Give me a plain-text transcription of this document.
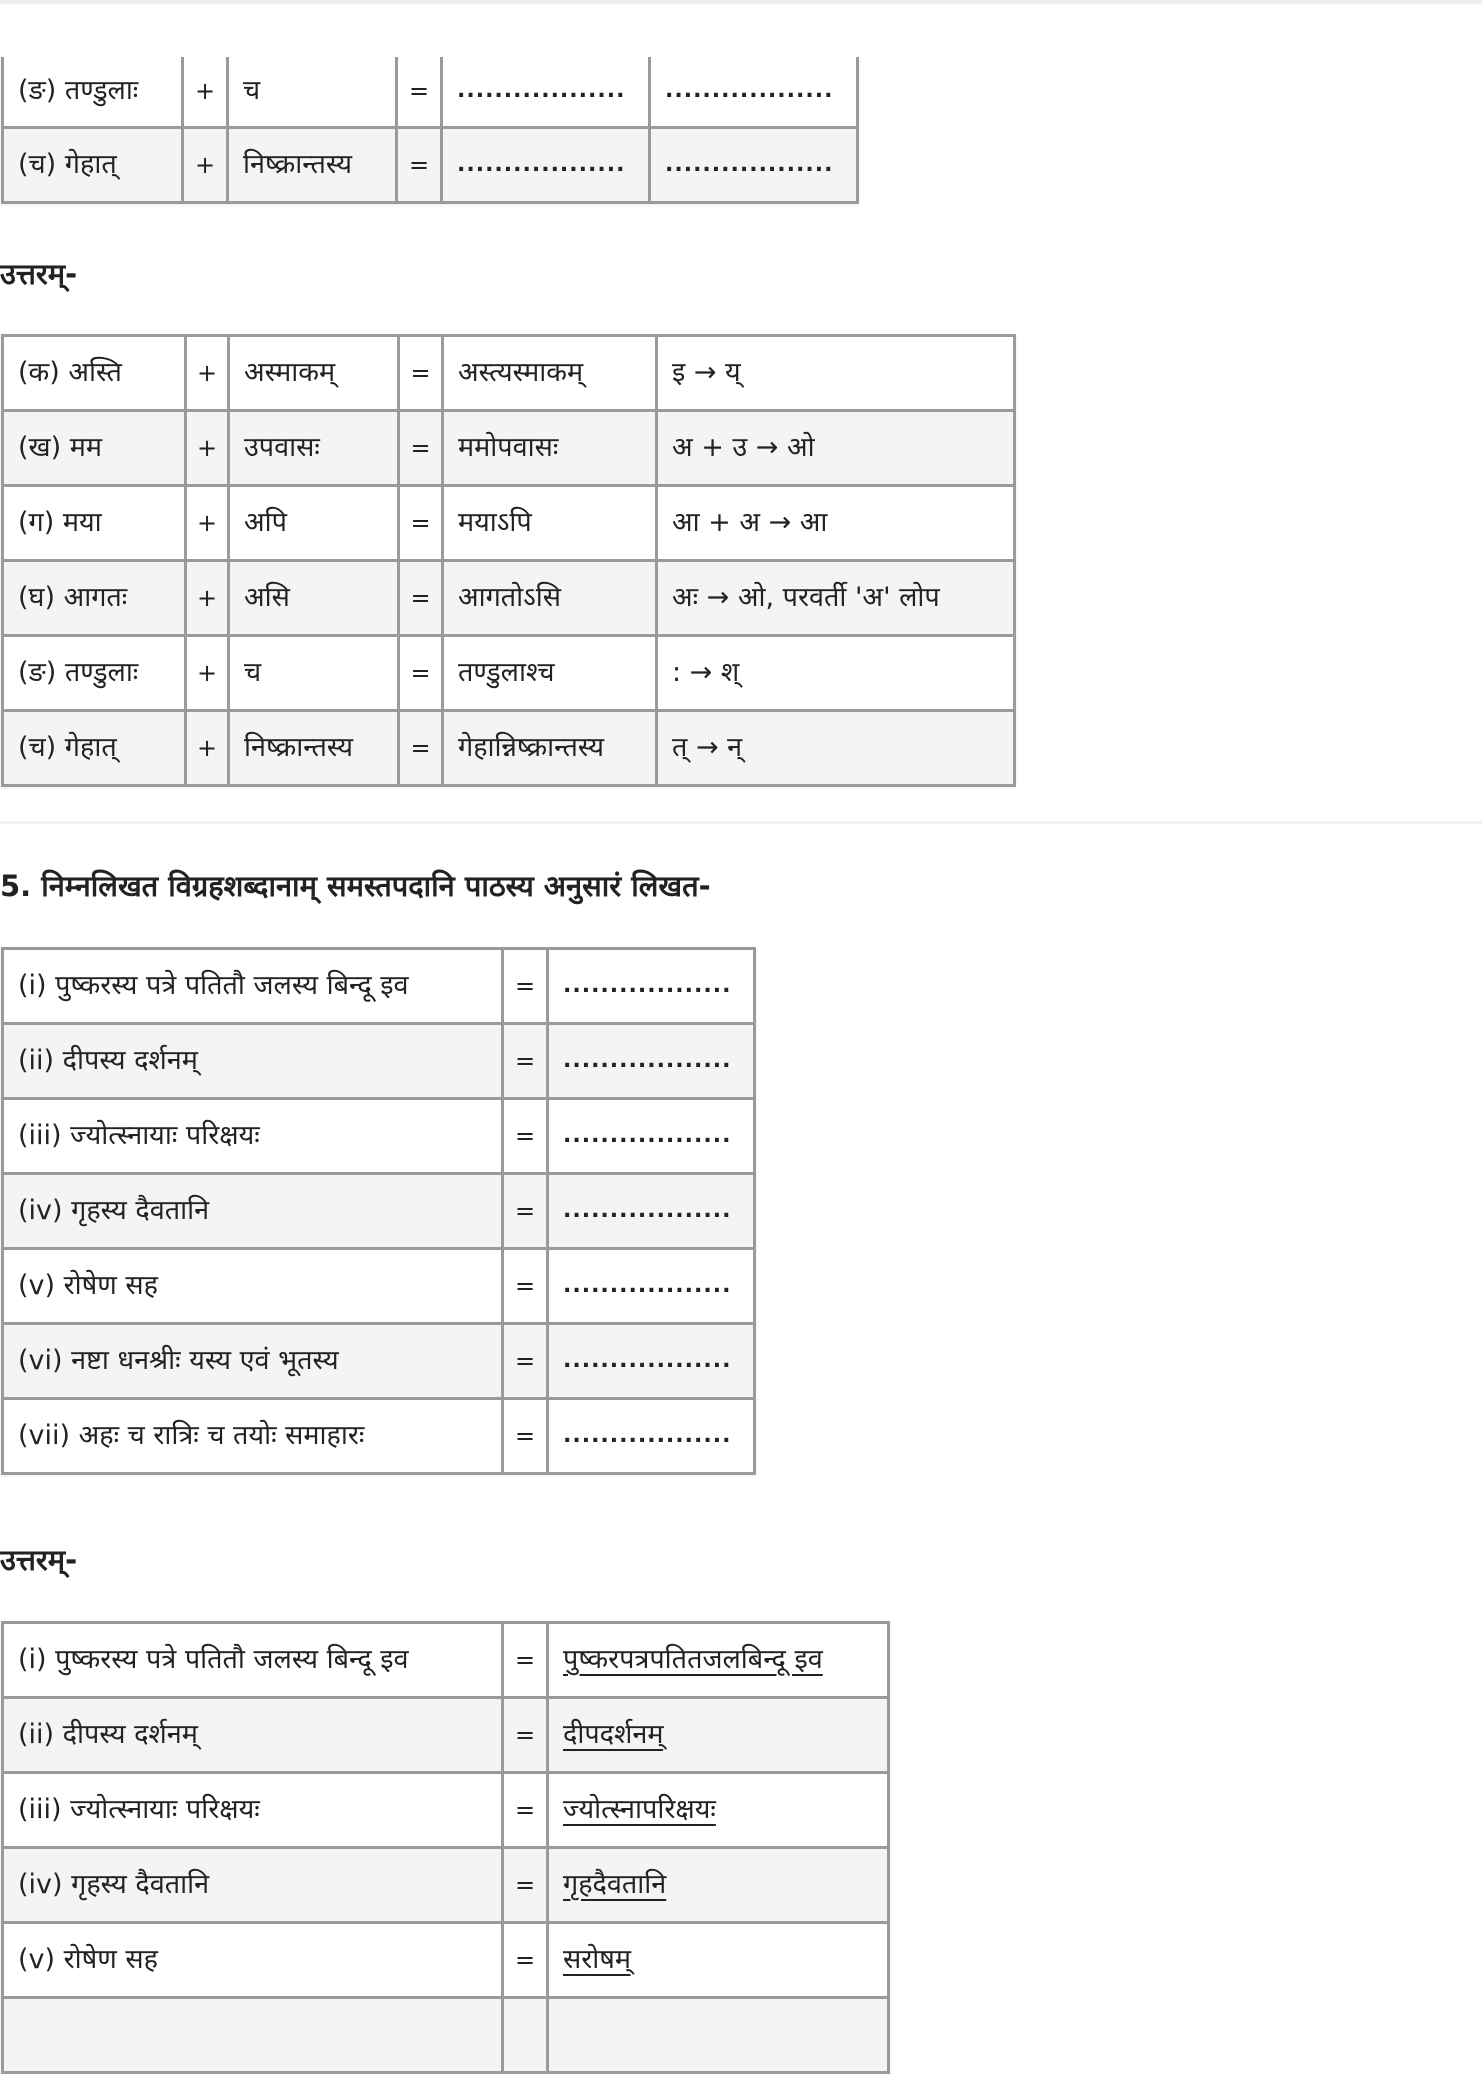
(ङ) तण्डुलाः	+	च	=	..................	..................
(च) गेहात्	+	निष्क्रान्तस्य	=	..................	..................
उत्तरम्-
(क) अस्ति	+	अस्माकम्	=	अस्त्यस्माकम्	इ → य्
(ख) मम	+	उपवासः	=	ममोपवासः	अ + उ → ओ
(ग) मया	+	अपि	=	मयाऽपि	आ + अ → आ
(घ) आगतः	+	असि	=	आगतोऽसि	अः → ओ, परवर्ती 'अ' लोप
(ङ) तण्डुलाः	+	च	=	तण्डुलाश्च	: → श्
(च) गेहात्	+	निष्क्रान्तस्य	=	गेहान्निष्क्रान्तस्य	त् → न्
5. निम्नलिखत विग्रहशब्दानाम् समस्तपदानि पाठस्य अनुसारं लिखत-
(i) पुष्करस्य पत्रे पतितौ जलस्य बिन्दू इव	=	..................
(ii) दीपस्य दर्शनम्	=	..................
(iii) ज्योत्स्नायाः परिक्षयः	=	..................
(iv) गृहस्य दैवतानि	=	..................
(v) रोषेण सह	=	..................
(vi) नष्टा धनश्रीः यस्य एवं भूतस्य	=	..................
(vii) अहः च रात्रिः च तयोः समाहारः	=	..................
उत्तरम्-
(i) पुष्करस्य पत्रे पतितौ जलस्य बिन्दू इव	=	पुष्करपत्रपतितजलबिन्दू इव
(ii) दीपस्य दर्शनम्	=	दीपदर्शनम्
(iii) ज्योत्स्नायाः परिक्षयः	=	ज्योत्स्नापरिक्षयः
(iv) गृहस्य दैवतानि	=	गृहदैवतानि
(v) रोषेण सह	=	सरोषम्
